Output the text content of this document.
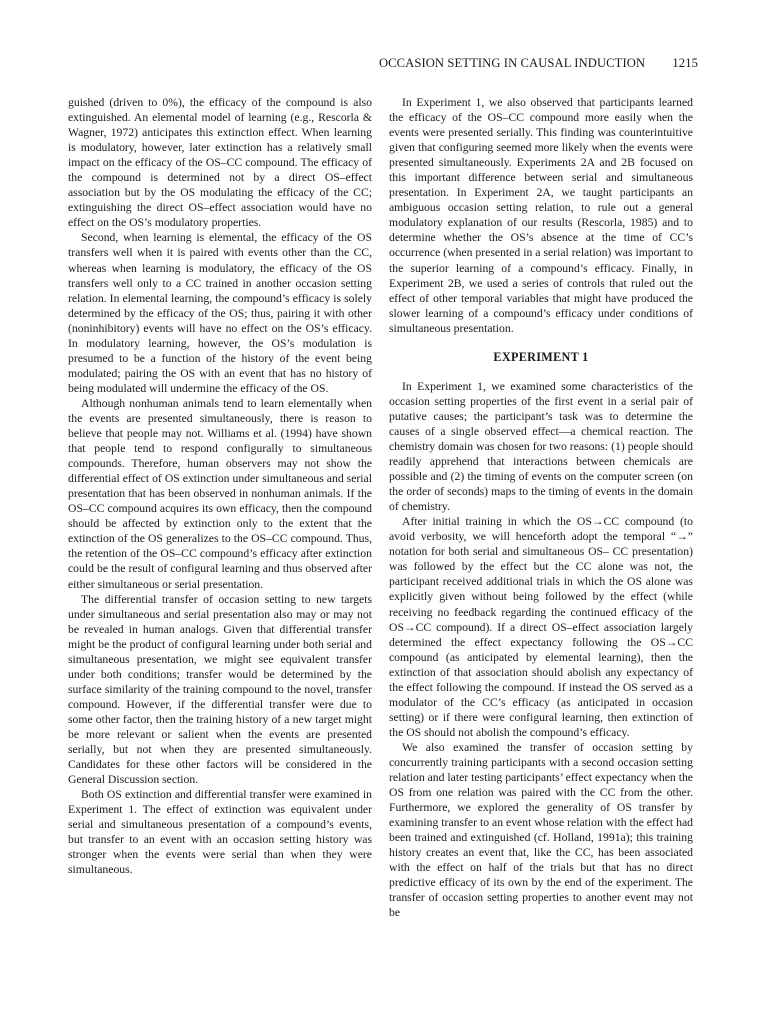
OCCASION SETTING IN CAUSAL INDUCTION 1215

guished (driven to 0%), the efficacy of the compound is also extinguished. An elemental model of learning (e.g., Rescorla & Wagner, 1972) anticipates this extinction effect. When learning is modulatory, however, later extinction has a relatively small impact on the efficacy of the OS–CC compound. The efficacy of the compound is determined not by a direct OS–effect association but by the OS modulating the efficacy of the CC; extinguishing the direct OS–effect association would have no effect on the OS’s modulatory properties.

Second, when learning is elemental, the efficacy of the OS transfers well when it is paired with events other than the CC, whereas when learning is modulatory, the efficacy of the OS transfers well only to a CC trained in another occasion setting relation. In elemental learning, the compound’s efficacy is solely determined by the efficacy of the OS; thus, pairing it with other (noninhibitory) events will have no effect on the OS’s efficacy. In modulatory learning, however, the OS’s modulation is presumed to be a function of the history of the event being modulated; pairing the OS with an event that has no history of being modulated will undermine the efficacy of the OS.

Although nonhuman animals tend to learn elementally when the events are presented simultaneously, there is reason to believe that people may not. Williams et al. (1994) have shown that people tend to respond configurally to simultaneous compounds. Therefore, human observers may not show the differential effect of OS extinction under simultaneous and serial presentation that has been observed in nonhuman animals. If the OS–CC compound acquires its own efficacy, then the compound should be affected by extinction only to the extent that the extinction of the OS generalizes to the OS–CC compound. Thus, the retention of the OS–CC compound’s efficacy after extinction could be the result of configural learning and thus observed after either simultaneous or serial presentation.

The differential transfer of occasion setting to new targets under simultaneous and serial presentation also may or may not be revealed in human analogs. Given that differential transfer might be the product of configural learning under both serial and simultaneous presentation, we might see equivalent transfer under both conditions; transfer would be determined by the surface similarity of the training compound to the novel, transfer compound. However, if the differential transfer were due to some other factor, then the training history of a new target might be more relevant or salient when the events are presented serially, but not when they are presented simultaneously. Candidates for these other factors will be considered in the General Discussion section.

Both OS extinction and differential transfer were examined in Experiment 1. The effect of extinction was equivalent under serial and simultaneous presentation of a compound’s events, but transfer to an event with an occasion setting history was stronger when the events were serial than when they were simultaneous.

In Experiment 1, we also observed that participants learned the efficacy of the OS–CC compound more easily when the events were presented serially. This finding was counterintuitive given that configuring seemed more likely when the events were presented simultaneously. Experiments 2A and 2B focused on this important difference between serial and simultaneous presentation. In Experiment 2A, we taught participants an ambiguous occasion setting relation, to rule out a general modulatory explanation of our results (Rescorla, 1985) and to determine whether the OS’s absence at the time of CC’s occurrence (when presented in a serial relation) was important to the superior learning of a compound’s efficacy. Finally, in Experiment 2B, we used a series of controls that ruled out the effect of other temporal variables that might have produced the slower learning of a compound’s efficacy under conditions of simultaneous presentation.

EXPERIMENT 1

In Experiment 1, we examined some characteristics of the occasion setting properties of the first event in a serial pair of putative causes; the participant’s task was to determine the causes of a single observed effect—a chemical reaction. The chemistry domain was chosen for two reasons: (1) people should readily apprehend that interactions between chemicals are possible and (2) the timing of events on the computer screen (on the order of seconds) maps to the timing of events in the domain of chemistry.

After initial training in which the OS→CC compound (to avoid verbosity, we will henceforth adopt the temporal “→” notation for both serial and simultaneous OS– CC presentation) was followed by the effect but the CC alone was not, the participant received additional trials in which the OS alone was explicitly given without being followed by the effect (while receiving no feedback regarding the continued efficacy of the OS→CC compound). If a direct OS–effect association largely determined the effect expectancy following the OS→CC compound (as anticipated by elemental learning), then the extinction of that association should abolish any expectancy of the effect following the compound. If instead the OS served as a modulator of the CC’s efficacy (as anticipated in occasion setting) or if there were configural learning, then extinction of the OS should not abolish the compound’s efficacy.

We also examined the transfer of occasion setting by concurrently training participants with a second occasion setting relation and later testing participants’ effect expectancy when the OS from one relation was paired with the CC from the other. Furthermore, we explored the generality of OS transfer by examining transfer to an event whose relation with the effect had been trained and extinguished (cf. Holland, 1991a); this training history creates an event that, like the CC, has been associated with the effect on half of the trials but that has no direct predictive efficacy of its own by the end of the experiment. The transfer of occasion setting properties to another event may not be
